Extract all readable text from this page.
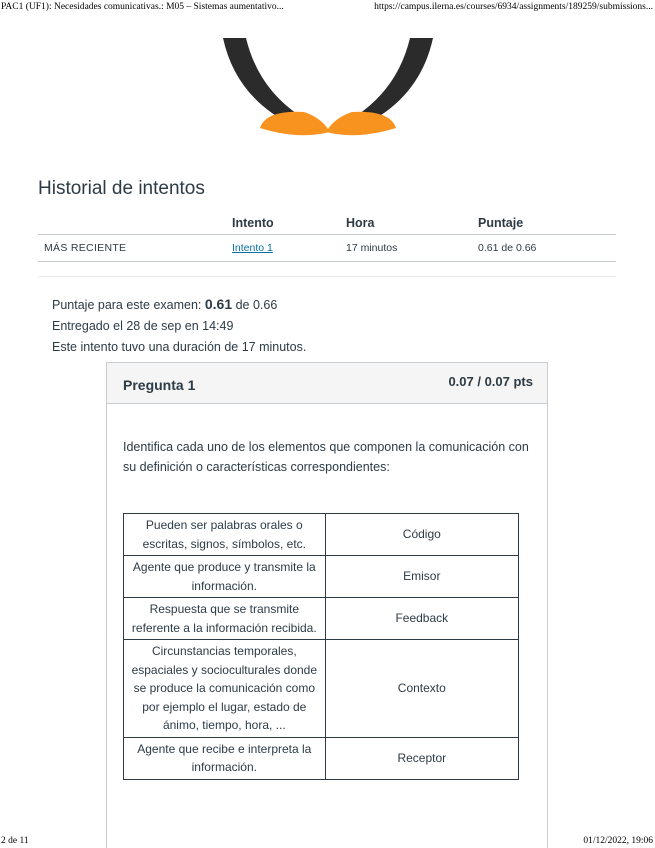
PAC1 (UF1): Necesidades comunicativas.: M05 – Sistemas aumentativo...	https://campus.ilerna.es/courses/6934/assignments/189259/submissions...
Historial de intentos
	Intento	Hora	Puntaje
MÁS RECIENTE	Intento 1	17 minutos	0.61 de 0.66
Puntaje para este examen: 0.61 de 0.66
Entregado el 28 de sep en 14:49
Este intento tuvo una duración de 17 minutos.
Pregunta 1	0.07 / 0.07 pts
Identifica cada uno de los elementos que componen la comunicación con su definición o características correspondientes:
Pueden ser palabras orales o escritas, signos, símbolos, etc.	Código
Agente que produce y transmite la información.	Emisor
Respuesta que se transmite referente a la información recibida.	Feedback
Circunstancias temporales, espaciales y socioculturales donde se produce la comunicación como por ejemplo el lugar, estado de ánimo, tiempo, hora, ...	Contexto
Agente que recibe e interpreta la información.	Receptor
2 de 11	01/12/2022, 19:06
